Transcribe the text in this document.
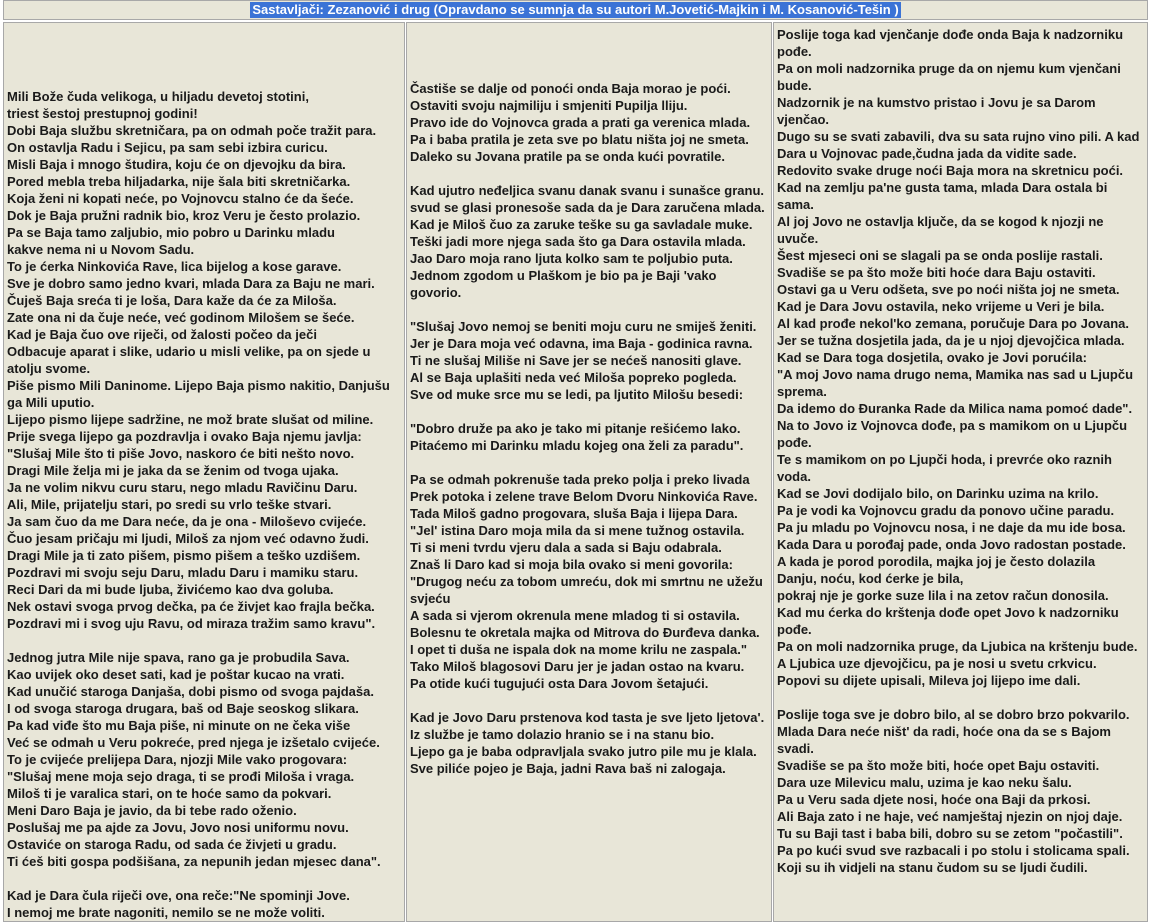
Sastavljači: Zezanović i drug (Opravdano se sumnja da su autori M.Jovetić-Majkin i M. Kosanović-Tešin )
Mili Bože čuda velikoga, u hiljadu devetoj stotini,
triest šestoj prestupnoj godini!
Dobi Baja službu skretničara, pa on odmah poče tražit para.
On ostavlja Radu i Sejicu, pa sam sebi izbira curicu.
Misli Baja i mnogo študira, koju će on djevojku da bira.
Pored mebla treba hiljadarka, nije šala biti skretničarka.
Koja ženi ni kopati neće, po Vojnovcu stalno će da šeće.
Dok je Baja pružni radnik bio, kroz Veru je često prolazio.
Pa se Baja tamo zaljubio, mio pobro u Darinku mladu
kakve nema ni u Novom Sadu.
To je ćerka Ninkovića Rave, lica bijelog a kose garave.
Sve je dobro samo jedno kvari, mlada Dara za Baju ne mari.
Čuješ Baja sreća ti je loša, Dara kaže da će za Miloša.
Zate ona ni da čuje neće, već godinom Milošem se šeće.
Kad je Baja čuo ove riječi, od žalosti počeo da ječi
Odbacuje aparat i slike, udario u misli velike, pa on sjede u atolju svome.
Piše pismo Mili Daninome. Lijepo Baja pismo nakitio, Danjušu ga Mili uputio.
Lijepo pismo lijepe sadržine, ne mož brate slušat od miline.
Prije svega lijepo ga pozdravlja i ovako Baja njemu javlja:
"Slušaj Mile što ti piše Jovo, naskoro će biti nešto novo.
Dragi Mile želja mi je jaka da se ženim od tvoga ujaka.
Ja ne volim nikvu curu staru, nego mladu Ravičinu Daru.
Ali, Mile, prijatelju stari, po sredi su vrlo teške stvari.
Ja sam čuo da me Dara neće, da je ona - Miloševo cvijeće.
Čuo jesam pričaju mi ljudi, Miloš za njom već odavno žudi.
Dragi Mile ja ti zato pišem, pismo pišem a teško uzdišem.
Pozdravi mi svoju seju Daru, mladu Daru i mamiku staru.
Reci Dari da mi bude ljuba, živićemo kao dva goluba.
Nek ostavi svoga prvog dečka, pa će živjet kao frajla bečka.
Pozdravi mi i svog uju Ravu, od miraza tražim samo kravu".
Jednog jutra Mile nije spava, rano ga je probudila Sava.
Kao uvijek oko deset sati, kad je poštar kucao na vrati.
Kad unučić staroga Danjaša, dobi pismo od svoga pajdaša.
I od svoga staroga drugara, baš od Baje seoskog slikara.
Pa kad viđe što mu Baja piše, ni minute on ne čeka više
Već se odmah u Veru pokreće, pred njega je izšetalo cvijeće.
To je cvijeće prelijepa Dara, njozji Mile vako progovara:
"Slušaj mene moja sejo draga, ti se prođi Miloša i vraga.
Miloš ti je varalica stari, on te hoće samo da pokvari.
Meni Daro Baja je javio, da bi tebe rado oženio.
Poslušaj me pa ajde za Jovu, Jovo nosi uniformu novu.
Ostaviće on staroga Radu, od sada će živjeti u gradu.
Ti ćeš biti gospa podšišana, za nepunih jedan mjesec dana".
Kad je Dara čula riječi ove, ona reče:"Ne spominji Jove.
I nemoj me brate nagoniti, nemilo se ne može voliti.
Častiše se dalje od ponoći onda Baja morao je poći.
Ostaviti svoju najmiliju i smjeniti Pupilja lliju.
Pravo ide do Vojnovca grada a prati ga verenica mlada.
Pa i baba pratila je zeta sve po blatu ništa joj ne smeta.
Daleko su Jovana pratile pa se onda kući povratile.
Kad ujutro neđeljica svanu danak svanu i sunašce granu.
svud se glasi pronesoše sada da je Dara zaručena mlada.
Kad je Miloš čuo za zaruke teške su ga savladale muke.
Teški jadi more njega sada što ga Dara ostavila mlada.
Jao Daro moja rano ljuta kolko sam te poljubio puta.
Jednom zgodom u Plaškom je bio pa je Baji 'vako govorio.
"Slušaj Jovo nemoj se beniti moju curu ne smiješ ženiti.
Jer je Dara moja već odavna, ima Baja - godinica ravna.
Ti ne slušaj Miliše ni Save jer se nećeš nanositi glave.
Al se Baja uplašiti neda već Miloša popreko pogleda.
Sve od muke srce mu se ledi, pa ljutito Milošu besedi:
"Dobro druže pa ako je tako mi pitanje rešićemo lako.
Pitaćemo mi Darinku mladu kojeg ona želi za paradu".
Pa se odmah pokrenuše tada preko polja i preko livada
Prek potoka i zelene trave Belom Dvoru Ninkovića Rave.
Tada Miloš gadno progovara, sluša Baja i lijepa Dara.
"Jel' istina Daro moja mila da si mene tužnog ostavila.
Ti si meni tvrdu vjeru dala a sada si Baju odabrala.
Znaš li Daro kad si moja bila ovako si meni govorila:
"Drugog neću za tobom umreću, dok mi smrtnu ne užežu svjeću
A sada si vjerom okrenula mene mladog ti si ostavila.
Bolesnu te okretala majka od Mitrova do Đurđeva danka.
I opet ti duša ne ispala dok na mome krilu ne zaspala."
Tako Miloš blagosovi Daru jer je jadan ostao na kvaru.
Pa otide kući tugujući osta Dara Jovom šetajući.
Kad je Jovo Daru prstenova kod tasta je sve ljeto ljetova'.
Iz službe je tamo dolazio hranio se i na stanu bio.
Ljepo ga je baba odpravljala svako jutro pile mu je klala.
Sve piliće pojeo je Baja, jadni Rava baš ni zalogaja.
Poslije toga kad vjenčanje dođe onda Baja k nadzorniku pođe.
Pa on moli nadzornika pruge da on njemu kum vjenčani bude.
Nadzornik je na kumstvo pristao i Jovu je sa Darom vjenčao.
Dugo su se svati zabavili, dva su sata rujno vino pili. A kad Dara u Vojnovac pade,čudna jada da vidite sade.
Redovito svake druge noći Baja mora na skretnicu poći.
Kad na zemlju pa'ne gusta tama, mlada Dara ostala bi sama.
Al joj Jovo ne ostavlja ključe, da se kogod k njozji ne uvuče.
Šest mjeseci oni se slagali pa se onda poslije rastali.
Svadiše se pa što može biti hoće dara Baju ostaviti.
Ostavi ga u Veru odšeta, sve po noći ništa joj ne smeta.
Kad je Dara Jovu ostavila, neko vrijeme u Veri je bila.
Al kad prođe nekol'ko zemana, poručuje Dara po Jovana.
Jer se tužna dosjetila jada, da je u njoj djevojčica mlada.
Kad se Dara toga dosjetila, ovako je Jovi porućila:
"A moj Jovo nama drugo nema, Mamika nas sad u Ljupču sprema.
Da idemo do Đuranka Rade da Milica nama pomoć dade".
Na to Jovo iz Vojnovca dođe, pa s mamikom on u Ljupču pođe.
Te s mamikom on po Ljupči hoda, i prevrće oko raznih voda.
Kad se Jovi dodijalo bilo, on Darinku uzima na krilo.
Pa je vodi ka Vojnovcu gradu da ponovo učine paradu.
Pa ju mladu po Vojnovcu nosa, i ne daje da mu ide bosa.
Kada Dara u porođaj pade, onda Jovo radostan postade.
A kada je porod porodila, majka joj je često dolazila
Danju, noću, kod ćerke je bila,
pokraj nje je gorke suze lila i na zetov račun donosila.
Kad mu ćerka do krštenja dođe opet Jovo k nadzorniku pođe.
Pa on moli nadzornika pruge, da Ljubica na krštenju bude.
A Ljubica uze djevojčicu, pa je nosi u svetu crkvicu.
Popovi su dijete upisali, Mileva joj lijepo ime dali.
Poslije toga sve je dobro bilo, al se dobro brzo pokvarilo.
Mlada Dara neće ništ' da radi, hoće ona da se s Bajom svadi.
Svadiše se pa što može biti, hoće opet Baju ostaviti.
Dara uze Milevicu malu, uzima je kao neku šalu.
Pa u Veru sada djete nosi, hoće ona Baji da prkosi.
Ali Baja zato i ne haje, već namještaj njezin on njoj daje.
Tu su Baji tast i baba bili, dobro su se zetom "počastili".
Pa po kući svud sve razbacali i po stolu i stolicama spali.
Koji su ih vidjeli na stanu čudom su se ljudi čudili.
